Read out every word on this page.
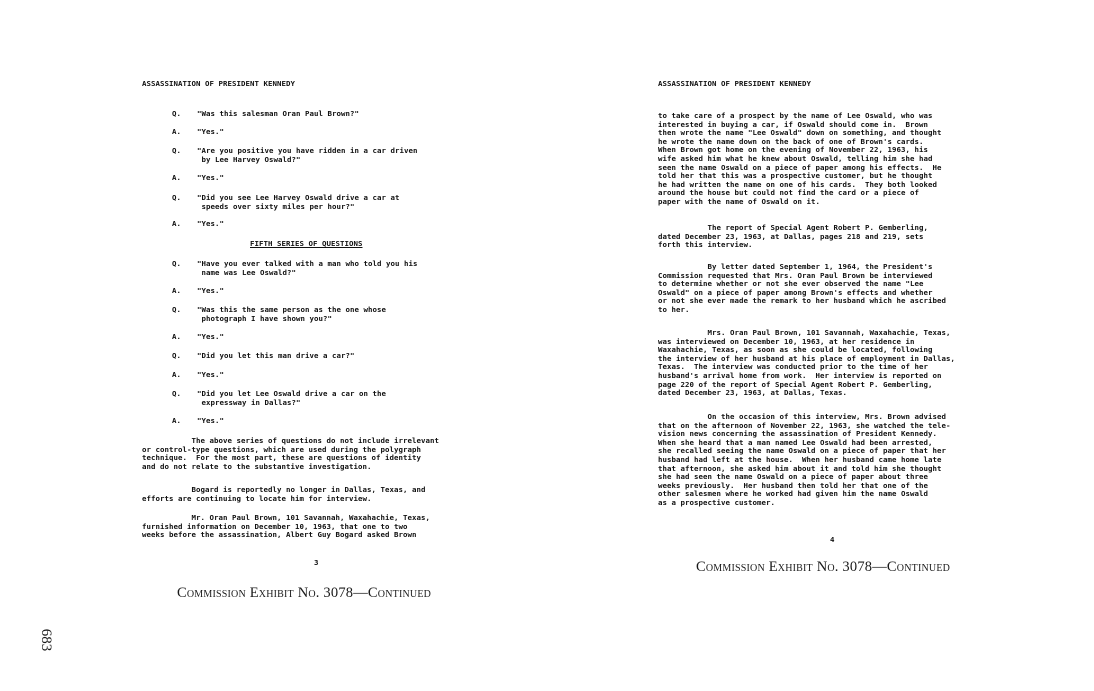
ASSASSINATION OF PRESIDENT KENNEDY

Q.

"Was this salesman Oran Paul Brown?"

A.

"Yes."

Q.

"Are you positive you have ridden in a car driven
by Lee Harvey Oswald?"

A.

"Yes."

Q.

"Did you see Lee Harvey Oswald drive a car at
speeds over sixty miles per hour?"

A.

"Yes."

FIFTH SERIES OF QUESTIONS

Q.

"Have you ever talked with a man who told you his
name was Lee Oswald?"

A.

"Yes."

Q.

"Was this the same person as the one whose
photograph I have shown you?"

A.

"Yes."

Q.

"Did you let this man drive a car?"

A.

"Yes."

Q.

"Did you let Lee Oswald drive a car on the
expressway in Dallas?"

A.

"Yes."

The above series of questions do not include irrelevant
or control-type questions, which are used during the polygraph
technique.  For the most part, these are questions of identity
and do not relate to the substantive investigation.
Bogard is reportedly no longer in Dallas, Texas, and
efforts are continuing to locate him for interview.
Mr. Oran Paul Brown, 101 Savannah, Waxahachie, Texas,
furnished information on December 10, 1963, that one to two
weeks before the assassination, Albert Guy Bogard asked Brown
3
Commission Exhibit No. 3078—Continued
ASSASSINATION OF PRESIDENT KENNEDY
to take care of a prospect by the name of Lee Oswald, who was
interested in buying a car, if Oswald should come in.  Brown
then wrote the name "Lee Oswald" down on something, and thought
he wrote the name down on the back of one of Brown's cards.
When Brown got home on the evening of November 22, 1963, his
wife asked him what he knew about Oswald, telling him she had
seen the name Oswald on a piece of paper among his effects.  He
told her that this was a prospective customer, but he thought
he had written the name on one of his cards.  They both looked
around the house but could not find the card or a piece of
paper with the name of Oswald on it.
The report of Special Agent Robert P. Gemberling,
dated December 23, 1963, at Dallas, pages 218 and 219, sets
forth this interview.
By letter dated September 1, 1964, the President's
Commission requested that Mrs. Oran Paul Brown be interviewed
to determine whether or not she ever observed the name "Lee
Oswald" on a piece of paper among Brown's effects and whether
or not she ever made the remark to her husband which he ascribed
to her.
Mrs. Oran Paul Brown, 101 Savannah, Waxahachie, Texas,
was interviewed on December 10, 1963, at her residence in
Waxahachie, Texas, as soon as she could be located, following
the interview of her husband at his place of employment in Dallas,
Texas.  The interview was conducted prior to the time of her
husband's arrival home from work.  Her interview is reported on
page 220 of the report of Special Agent Robert P. Gemberling,
dated December 23, 1963, at Dallas, Texas.
On the occasion of this interview, Mrs. Brown advised
that on the afternoon of November 22, 1963, she watched the tele-
vision news concerning the assassination of President Kennedy.
When she heard that a man named Lee Oswald had been arrested,
she recalled seeing the name Oswald on a piece of paper that her
husband had left at the house.  When her husband came home late
that afternoon, she asked him about it and told him she thought
she had seen the name Oswald on a piece of paper about three
weeks previously.  Her husband then told her that one of the
other salesmen where he worked had given him the name Oswald
as a prospective customer.
4
Commission Exhibit No. 3078—Continued
683
